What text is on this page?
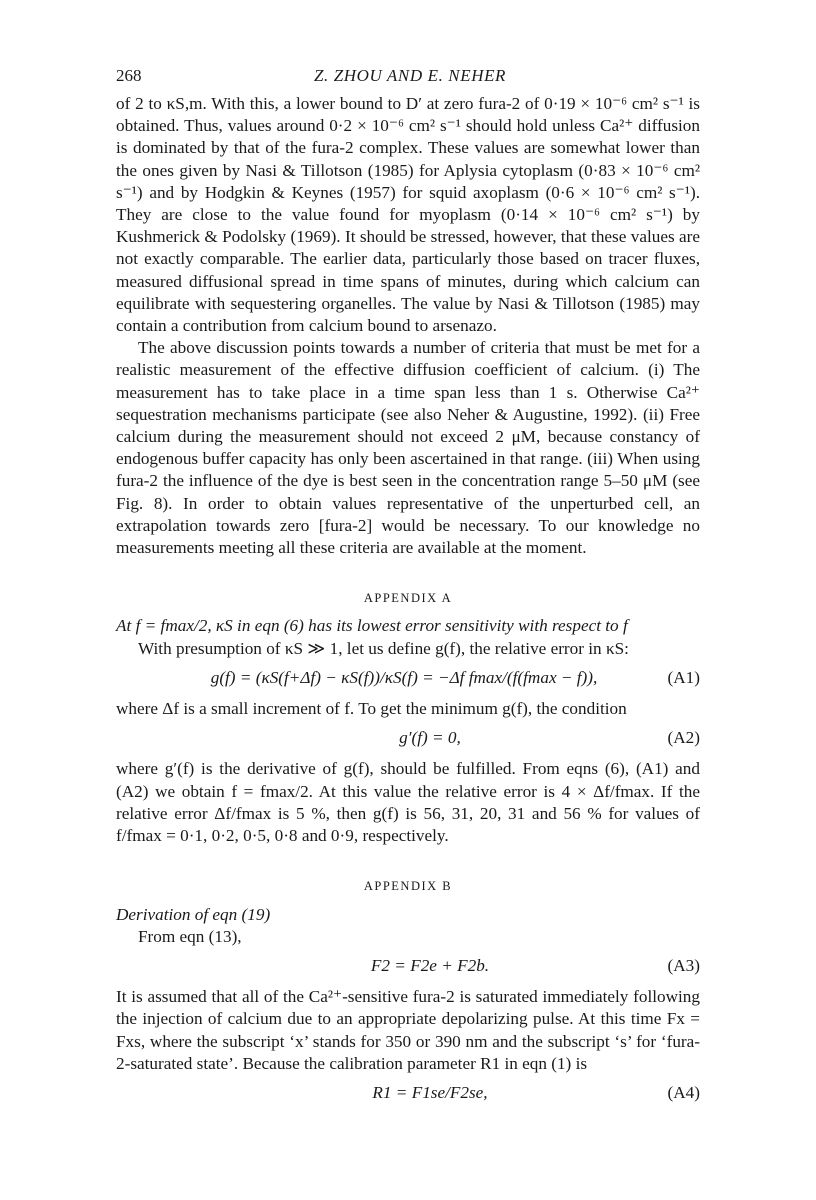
268	Z. ZHOU AND E. NEHER

of 2 to κS,m. With this, a lower bound to D′ at zero fura-2 of 0·19 × 10⁻⁶ cm² s⁻¹ is obtained. Thus, values around 0·2 × 10⁻⁶ cm² s⁻¹ should hold unless Ca²⁺ diffusion is dominated by that of the fura-2 complex. These values are somewhat lower than the ones given by Nasi & Tillotson (1985) for Aplysia cytoplasm (0·83 × 10⁻⁶ cm² s⁻¹) and by Hodgkin & Keynes (1957) for squid axoplasm (0·6 × 10⁻⁶ cm² s⁻¹). They are close to the value found for myoplasm (0·14 × 10⁻⁶ cm² s⁻¹) by Kushmerick & Podolsky (1969). It should be stressed, however, that these values are not exactly comparable. The earlier data, particularly those based on tracer fluxes, measured diffusional spread in time spans of minutes, during which calcium can equilibrate with sequestering organelles. The value by Nasi & Tillotson (1985) may contain a contribution from calcium bound to arsenazo.

The above discussion points towards a number of criteria that must be met for a realistic measurement of the effective diffusion coefficient of calcium. (i) The measurement has to take place in a time span less than 1 s. Otherwise Ca²⁺ sequestration mechanisms participate (see also Neher & Augustine, 1992). (ii) Free calcium during the measurement should not exceed 2 μM, because constancy of endogenous buffer capacity has only been ascertained in that range. (iii) When using fura-2 the influence of the dye is best seen in the concentration range 5–50 μM (see Fig. 8). In order to obtain values representative of the unperturbed cell, an extrapolation towards zero [fura-2] would be necessary. To our knowledge no measurements meeting all these criteria are available at the moment.

APPENDIX A

At f = fmax/2, κS in eqn (6) has its lowest error sensitivity with respect to f

With presumption of κS ≫ 1, let us define g(f), the relative error in κS:

g(f) = (κS(f+Δf) − κS(f))/κS(f) = −Δf fmax/(f(fmax − f)),	(A1)

where Δf is a small increment of f. To get the minimum g(f), the condition

g′(f) = 0,	(A2)

where g′(f) is the derivative of g(f), should be fulfilled. From eqns (6), (A1) and (A2) we obtain f = fmax/2. At this value the relative error is 4 × Δf/fmax. If the relative error Δf/fmax is 5 %, then g(f) is 56, 31, 20, 31 and 56 % for values of f/fmax = 0·1, 0·2, 0·5, 0·8 and 0·9, respectively.

APPENDIX B

Derivation of eqn (19)

From eqn (13),

F2 = F2e + F2b.	(A3)

It is assumed that all of the Ca²⁺-sensitive fura-2 is saturated immediately following the injection of calcium due to an appropriate depolarizing pulse. At this time Fx = Fxs, where the subscript ‘x’ stands for 350 or 390 nm and the subscript ‘s’ for ‘fura-2-saturated state’. Because the calibration parameter R1 in eqn (1) is

R1 = F1se/F2se,	(A4)
